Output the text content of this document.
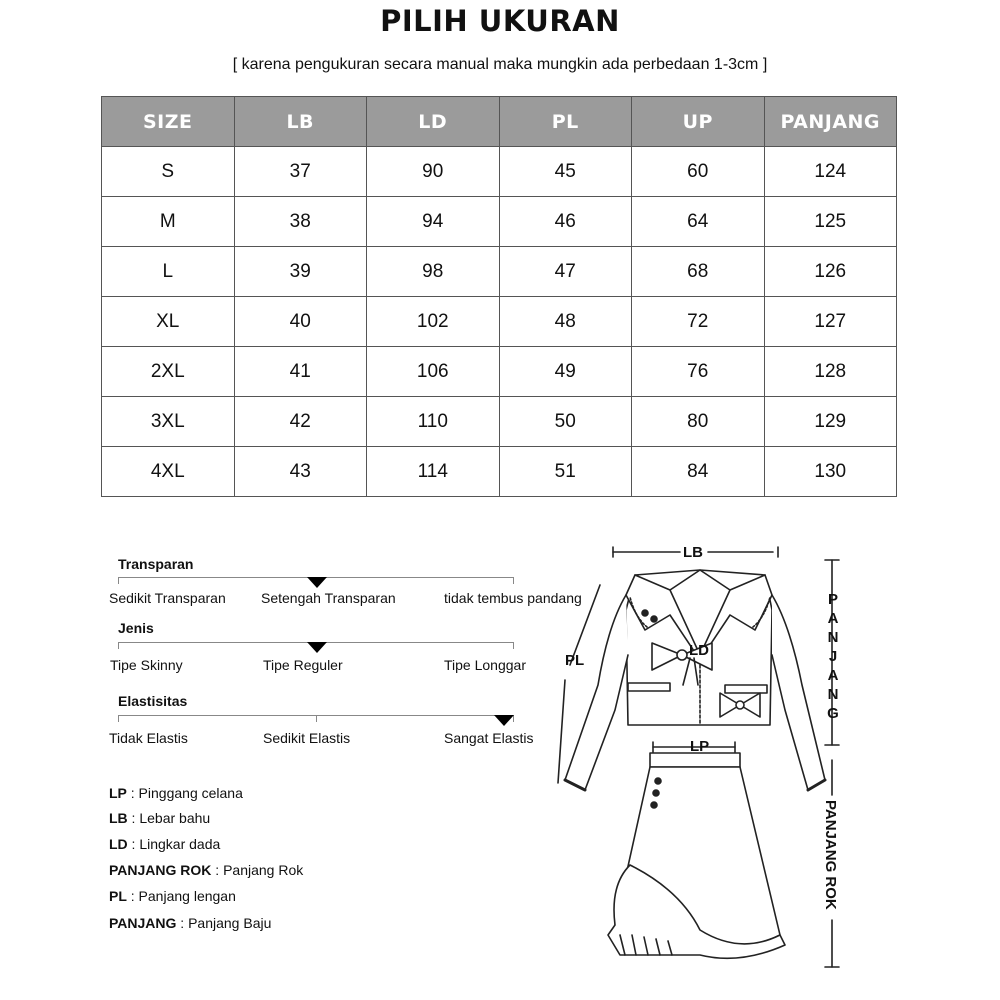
PILIH UKURAN
[ karena pengukuran secara manual maka mungkin ada perbedaan 1-3cm ]
SIZE	LB	LD	PL	UP	PANJANG
S	37	90	45	60	124
M	38	94	46	64	125
L	39	98	47	68	126
XL	40	102	48	72	127
2XL	41	106	49	76	128
3XL	42	110	50	80	129
4XL	43	114	51	84	130
Transparan
Sedikit Transparan	Setengah Transparan	tidak tembus pandang
Jenis
Tipe Skinny	Tipe Reguler	Tipe Longgar
Elastisitas
Tidak Elastis	Sedikit Elastis	Sangat Elastis
LP : Pinggang celana
LB : Lebar bahu
LD : Lingkar dada
PANJANG ROK : Panjang Rok
PL : Panjang lengan
PANJANG : Panjang Baju
LB
PL
LD
LP
PANJANG
PANJANG ROK
